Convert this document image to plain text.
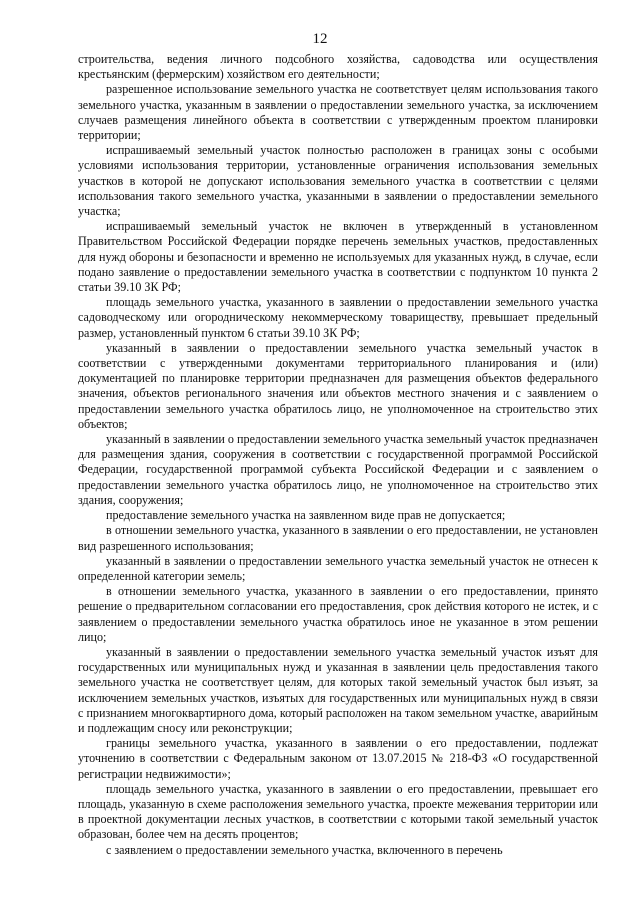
12

строительства, ведения личного подсобного хозяйства, садоводства или осуществления крестьянским (фермерским) хозяйством его деятельности;

разрешенное использование земельного участка не соответствует целям использования такого земельного участка, указанным в заявлении о предоставлении земельного участка, за исключением случаев размещения линейного объекта в соответствии с утвержденным проектом планировки территории;

испрашиваемый земельный участок полностью расположен в границах зоны с особыми условиями использования территории, установленные ограничения использования земельных участков в которой не допускают использования земельного участка в соответствии с целями использования такого земельного участка, указанными в заявлении о предоставлении земельного участка;

испрашиваемый земельный участок не включен в утвержденный в установленном Правительством Российской Федерации порядке перечень земельных участков, предоставленных для нужд обороны и безопасности и временно не используемых для указанных нужд, в случае, если подано заявление о предоставлении земельного участка в соответствии с подпунктом 10 пункта 2 статьи 39.10 ЗК РФ;

площадь земельного участка, указанного в заявлении о предоставлении земельного участка садоводческому или огородническому некоммерческому товариществу, превышает предельный размер, установленный пунктом 6 статьи 39.10 ЗК РФ;

указанный в заявлении о предоставлении земельного участка земельный участок в соответствии с утвержденными документами территориального планирования и (или) документацией по планировке территории предназначен для размещения объектов федерального значения, объектов регионального значения или объектов местного значения и с заявлением о предоставлении земельного участка обратилось лицо, не уполномоченное на строительство этих объектов;

указанный в заявлении о предоставлении земельного участка земельный участок предназначен для размещения здания, сооружения в соответствии с государственной программой Российской Федерации, государственной программой субъекта Российской Федерации и с заявлением о предоставлении земельного участка обратилось лицо, не уполномоченное на строительство этих здания, сооружения;

предоставление земельного участка на заявленном виде прав не допускается;

в отношении земельного участка, указанного в заявлении о его предоставлении, не установлен вид разрешенного использования;

указанный в заявлении о предоставлении земельного участка земельный участок не отнесен к определенной категории земель;

в отношении земельного участка, указанного в заявлении о его предоставлении, принято решение о предварительном согласовании его предоставления, срок действия которого не истек, и с заявлением о предоставлении земельного участка обратилось иное не указанное в этом решении лицо;

указанный в заявлении о предоставлении земельного участка земельный участок изъят для государственных или муниципальных нужд и указанная в заявлении цель предоставления такого земельного участка не соответствует целям, для которых такой земельный участок был изъят, за исключением земельных участков, изъятых для государственных или муниципальных нужд в связи с признанием многоквартирного дома, который расположен на таком земельном участке, аварийным и подлежащим сносу или реконструкции;

границы земельного участка, указанного в заявлении о его предоставлении, подлежат уточнению в соответствии с Федеральным законом от 13.07.2015 № 218-ФЗ «О государственной регистрации недвижимости»;

площадь земельного участка, указанного в заявлении о его предоставлении, превышает его площадь, указанную в схеме расположения земельного участка, проекте межевания территории или в проектной документации лесных участков, в соответствии с которыми такой земельный участок образован, более чем на десять процентов;

с заявлением о предоставлении земельного участка, включенного в перечень
